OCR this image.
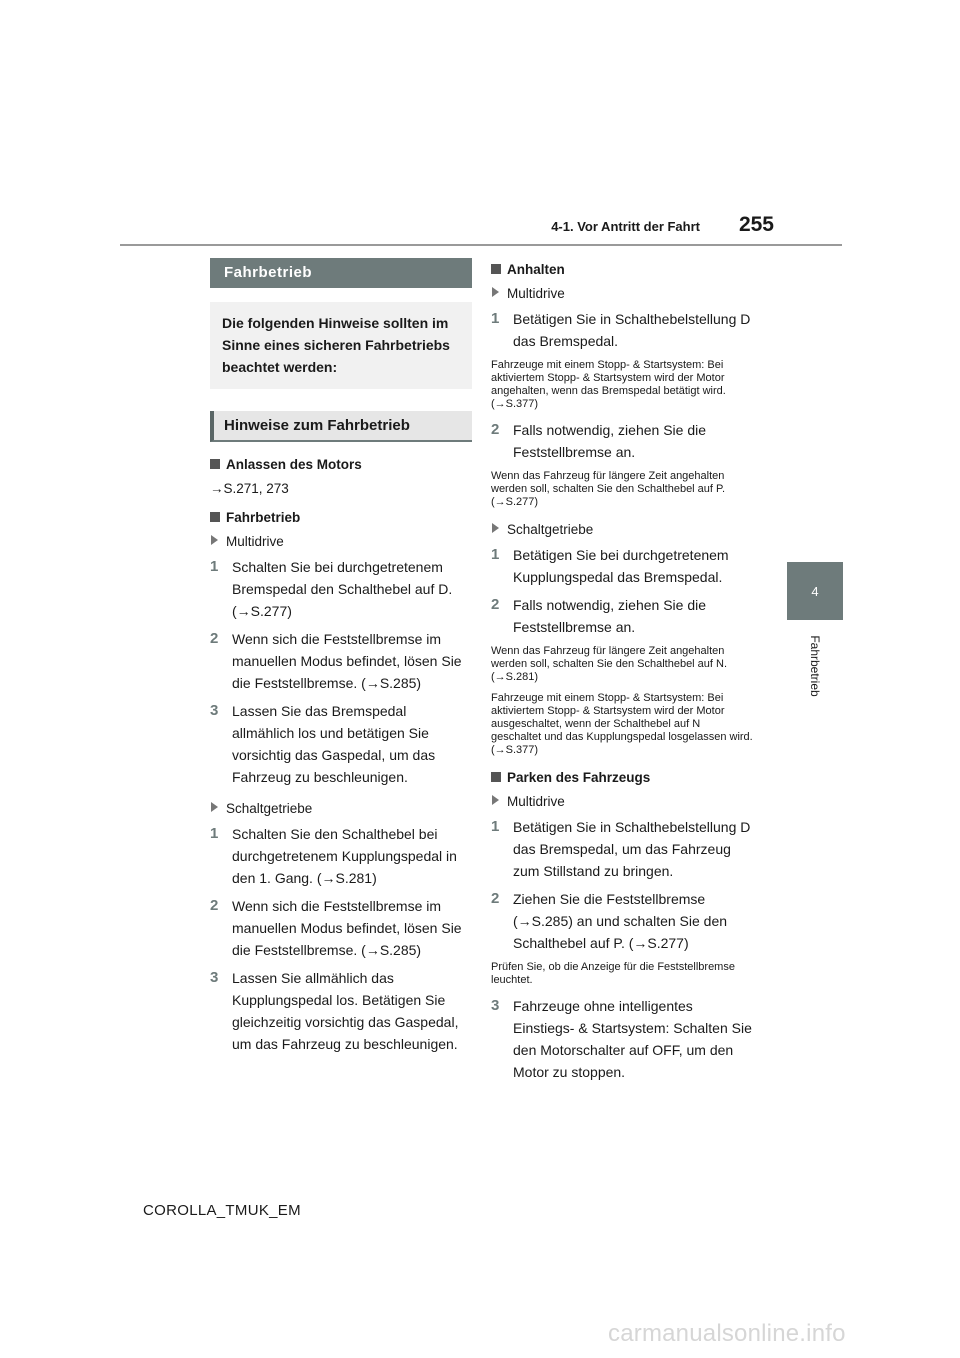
4-1. Vor Antritt der Fahrt	255
4
Fahrbetrieb
Fahrbetrieb
Die folgenden Hinweise sollten im Sinne eines sicheren Fahrbetriebs beachtet werden:
Hinweise zum Fahrbetrieb
Anlassen des Motors
→S.271, 273
Fahrbetrieb
Multidrive
1 Schalten Sie bei durchgetretenem Bremspedal den Schalthebel auf D. (→S.277)
2 Wenn sich die Feststellbremse im manuellen Modus befindet, lösen Sie die Feststellbremse. (→S.285)
3 Lassen Sie das Bremspedal allmählich los und betätigen Sie vorsichtig das Gaspedal, um das Fahrzeug zu beschleunigen.
Schaltgetriebe
1 Schalten Sie den Schalthebel bei durchgetretenem Kupplungspedal in den 1. Gang. (→S.281)
2 Wenn sich die Feststellbremse im manuellen Modus befindet, lösen Sie die Feststellbremse. (→S.285)
3 Lassen Sie allmählich das Kupplungspedal los. Betätigen Sie gleichzeitig vorsichtig das Gaspedal, um das Fahrzeug zu beschleunigen.
Anhalten
Multidrive
1 Betätigen Sie in Schalthebelstellung D das Bremspedal.
Fahrzeuge mit einem Stopp- & Startsystem: Bei aktiviertem Stopp- & Startsystem wird der Motor angehalten, wenn das Bremspedal betätigt wird. (→S.377)
2 Falls notwendig, ziehen Sie die Feststellbremse an.
Wenn das Fahrzeug für längere Zeit angehalten werden soll, schalten Sie den Schalthebel auf P. (→S.277)
Schaltgetriebe
1 Betätigen Sie bei durchgetretenem Kupplungspedal das Bremspedal.
2 Falls notwendig, ziehen Sie die Feststellbremse an.
Wenn das Fahrzeug für längere Zeit angehalten werden soll, schalten Sie den Schalthebel auf N. (→S.281)
Fahrzeuge mit einem Stopp- & Startsystem: Bei aktiviertem Stopp- & Startsystem wird der Motor ausgeschaltet, wenn der Schalthebel auf N geschaltet und das Kupplungspedal losgelassen wird. (→S.377)
Parken des Fahrzeugs
Multidrive
1 Betätigen Sie in Schalthebelstellung D das Bremspedal, um das Fahrzeug zum Stillstand zu bringen.
2 Ziehen Sie die Feststellbremse (→S.285) an und schalten Sie den Schalthebel auf P. (→S.277)
Prüfen Sie, ob die Anzeige für die Feststellbremse leuchtet.
3 Fahrzeuge ohne intelligentes Einstiegs- & Startsystem: Schalten Sie den Motorschalter auf OFF, um den Motor zu stoppen.
COROLLA_TMUK_EM
carmanualsonline.info
